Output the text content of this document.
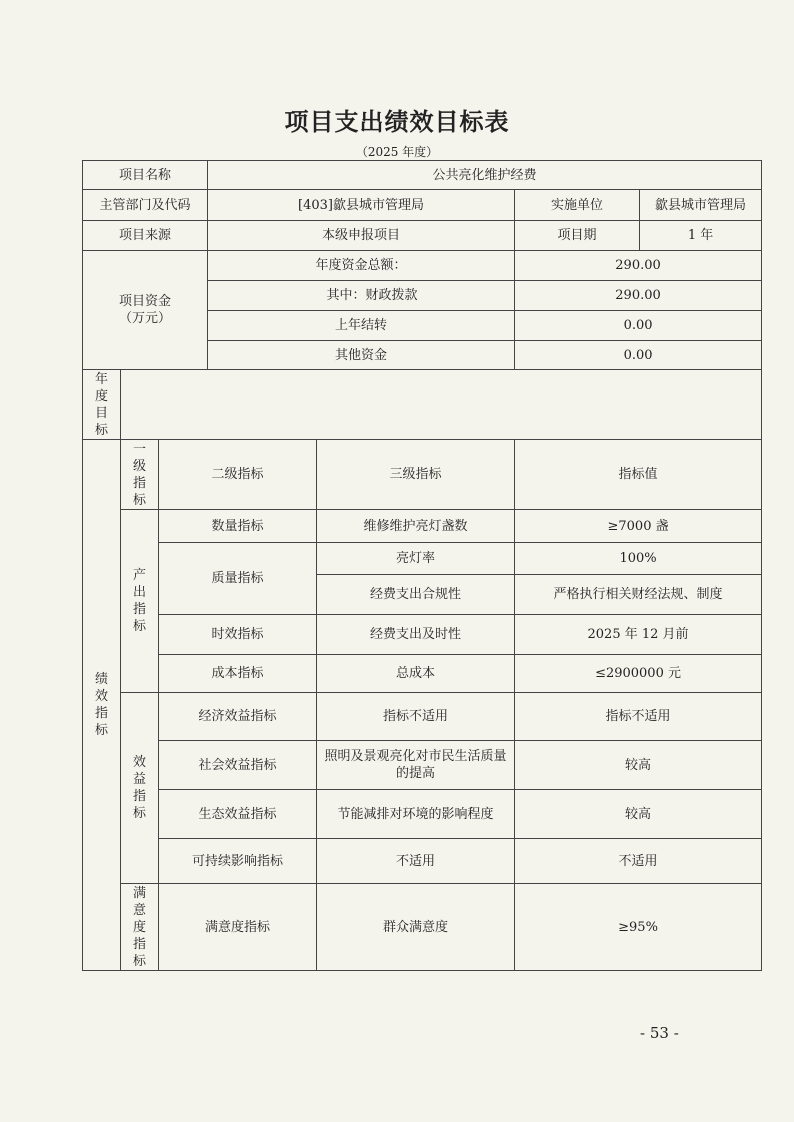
项目支出绩效目标表
（2025 年度）
项目名称			公共亮化维护经费			
主管部门及代码			[403]歙县城市管理局		实施单位	歙县城市管理局
项目来源			本级申报项目		项目期	1 年

项目资金
（万元）			年度资金总额：		290.00	
			其中：财政拨款		290.00	
			上年结转		0.00	
			其他资金		0.00	
年度目标						
绩效指标	一级指标	二级指标		三级指标	指标值	
	产出指标	数量指标		维修维护亮灯盏数	≥7000 盏	
		质量指标		亮灯率	100%	
				经费支出合规性	严格执行相关财经法规、制度	
		时效指标		经费支出及时性	2025 年 12 月前	
		成本指标		总成本	≤2900000 元	
	效益指标	经济效益指标		指标不适用	指标不适用	
		社会效益指标		照明及景观亮化对市民生活质量的提高	较高	
		生态效益指标		节能减排对环境的影响程度	较高	
		可持续影响指标		不适用	不适用	
	满意度指标	满意度指标		群众满意度	≥95%	
- 53 -
